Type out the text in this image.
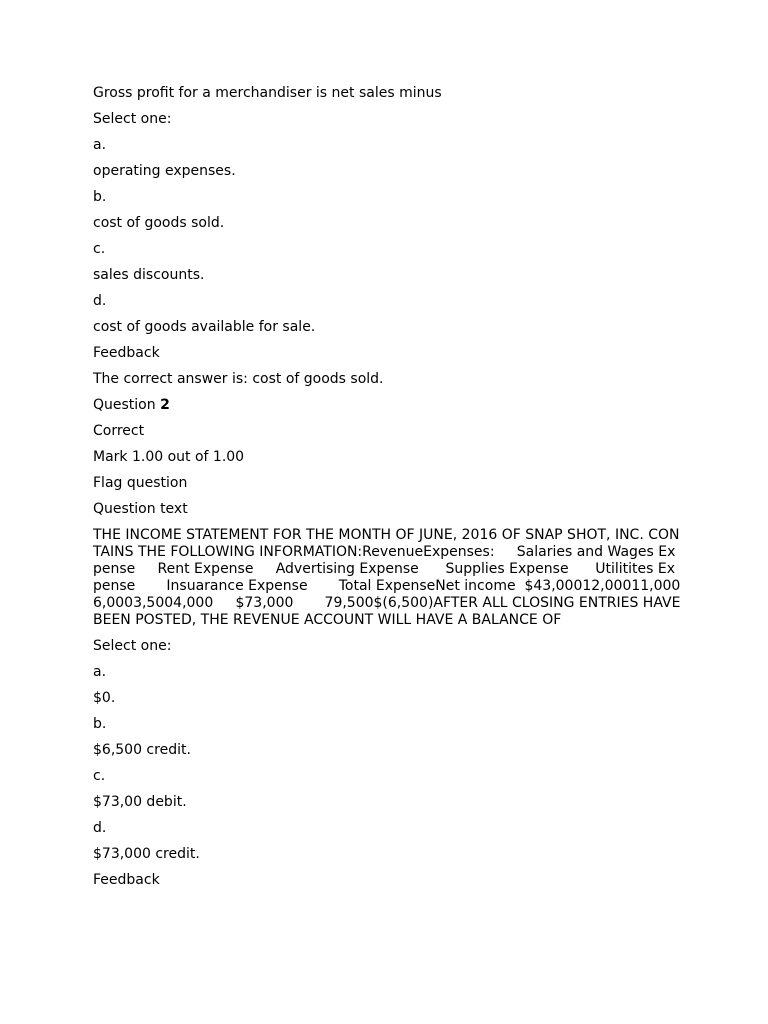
Gross profit for a merchandiser is net sales minus

Select one:

a.

operating expenses.

b.

cost of goods sold.

c.

sales discounts.

d.

cost of goods available for sale.

Feedback

The correct answer is: cost of goods sold.

Question 2

Correct

Mark 1.00 out of 1.00

Flag question

Question text

THE INCOME STATEMENT FOR THE MONTH OF JUNE, 2016 OF SNAP SHOT, INC. CONTAINS THE FOLLOWING INFORMATION:RevenueExpenses:     Salaries and Wages Expense     Rent Expense     Advertising Expense      Supplies Expense      Utilitites Expense       Insuarance Expense       Total ExpenseNet income  $43,00012,00011,0006,0003,5004,000     $73,000       79,500$(6,500)AFTER ALL CLOSING ENTRIES HAVE BEEN POSTED, THE REVENUE ACCOUNT WILL HAVE A BALANCE OF

Select one:

a.

$0.

b.

$6,500 credit.

c.

$73,00 debit.

d.

$73,000 credit.

Feedback
